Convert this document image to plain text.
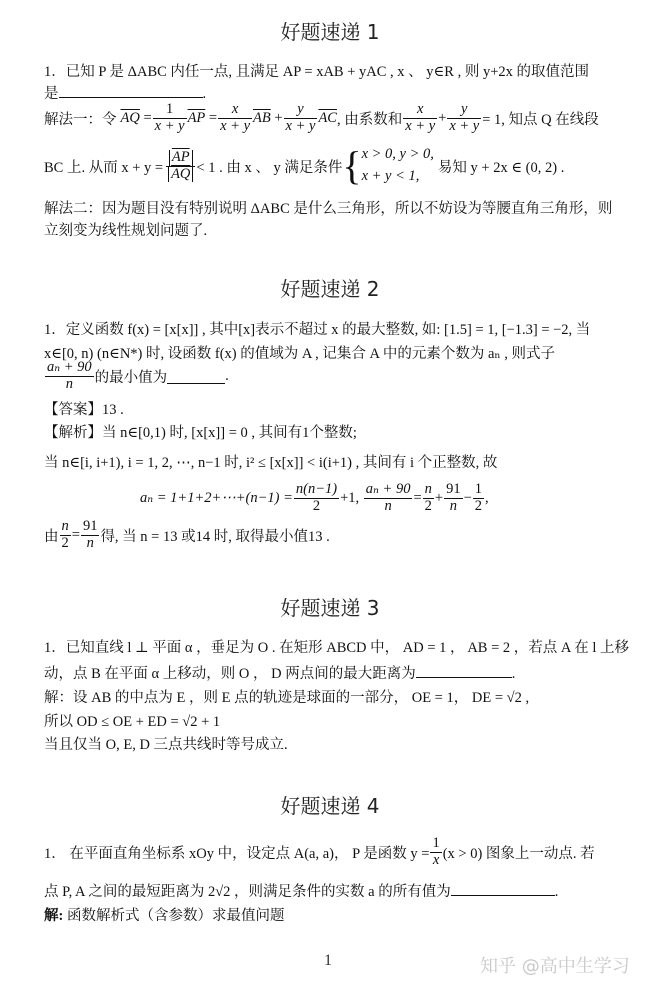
好题速递 1
1．已知 P 是 ΔABC 内任一点, 且满足 AP = xAB + yAC , x 、 y∈R , 则 y+2x 的取值范围
是	.
解法一：令 $\overline{AQ} = \frac{1}{x + y} \overline{AP} = \frac{x}{x + y} \overline{AB} + \frac{y}{x + y} \overline{AC}$ , 由系数和 $\frac{x}{x + y} + \frac{y}{x + y} = 1$, 知点 Q 在线段
BC 上. 从而 $x + y = \frac{\overline{AP}}{AQ} < 1$ . 由 x 、 y 满足条件 { x > 0, y > 0,
x + y < 1,
易知 y + 2x ∈ (0, 2) .
解法二：因为题目没有特别说明 ΔABC 是什么三角形，所以不妨设为等腰直角三角形，则
立刻变为线性规划问题了.
好题速递 2
1．定义函数 f(x) = [x[x]] , 其中[x]表示不超过 x 的最大整数, 如: [1.5] = 1, [−1.3] = −2, 当
x∈[0, n) (n∈N*) 时, 设函数 f(x) 的值域为 A , 记集合 A 中的元素个数为 aₙ , 则式子
$\frac{\text{aₙ + 90}}{n}$ 的最小值为	.
【答案】13 .
【解析】当 n∈[0,1) 时, [x[x]] = 0 , 其间有1个整数;
当 n∈[i, i+1), i = 1, 2, ⋯, n−1 时, i² ≤ [x[x]] < i(i+1) , 其间有 i 个正整数, 故
aₙ = 1+1+2+⋯+(n−1) = $\frac{n(n-1)}{2} +1$,
$\frac{\text{aₙ + 90}}{n} = \frac{n}{2} + \frac{91}{n} - \frac{1}{2}$ ,
由 $\frac{n}{2} = \frac{91}{n}$ 得, 当 n = 13 或14 时, 取得最小值13 .
好题速递 3
1．已知直线 l ⊥ 平面 α ，垂足为 O . 在矩形 ABCD 中， AD = 1 ， AB = 2 ，若点 A 在 l 上移
动，点 B 在平面 α 上移动，则 O ， D 两点间的最大距离为	.
解：设 AB 的中点为 E ，则 E 点的轨迹是球面的一部分， OE = 1， DE = √2 ,
所以 OD ≤ OE + ED = √2 + 1
当且仅当 O, E, D 三点共线时等号成立.
好题速递 4
1． 在平面直角坐标系 xOy 中，设定点 A(a, a)， P 是函数 $y = \frac{1}{x} (x > 0)$ 图象上一动点. 若
点 P, A 之间的最短距离为 2√2 ，则满足条件的实数 a 的所有值为	.
解: 函数解析式（含参数）求最值问题
1	知乎 @高中生学习
